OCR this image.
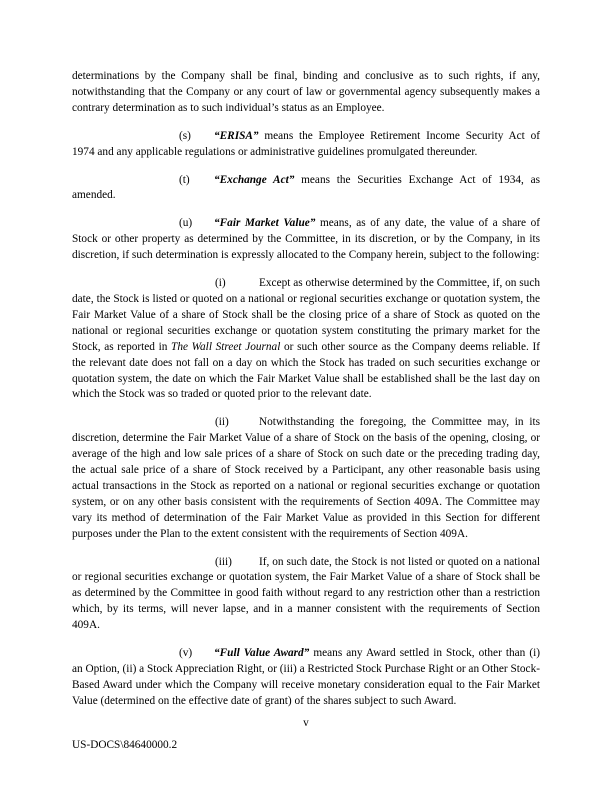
determinations by the Company shall be final, binding and conclusive as to such rights, if any, notwithstanding that the Company or any court of law or governmental agency subsequently makes a contrary determination as to such individual’s status as an Employee.

(s) “ERISA” means the Employee Retirement Income Security Act of 1974 and any applicable regulations or administrative guidelines promulgated thereunder.

(t) “Exchange Act” means the Securities Exchange Act of 1934, as amended.

(u) “Fair Market Value” means, as of any date, the value of a share of Stock or other property as determined by the Committee, in its discretion, or by the Company, in its discretion, if such determination is expressly allocated to the Company herein, subject to the following:

(i)	Except as otherwise determined by the Committee, if, on such date, the Stock is listed or quoted on a national or regional securities exchange or quotation system, the Fair Market Value of a share of Stock shall be the closing price of a share of Stock as quoted on the national or regional securities exchange or quotation system constituting the primary market for the Stock, as reported in The Wall Street Journal or such other source as the Company deems reliable. If the relevant date does not fall on a day on which the Stock has traded on such securities exchange or quotation system, the date on which the Fair Market Value shall be established shall be the last day on which the Stock was so traded or quoted prior to the relevant date.

(ii)	Notwithstanding the foregoing, the Committee may, in its discretion, determine the Fair Market Value of a share of Stock on the basis of the opening, closing, or average of the high and low sale prices of a share of Stock on such date or the preceding trading day, the actual sale price of a share of Stock received by a Participant, any other reasonable basis using actual transactions in the Stock as reported on a national or regional securities exchange or quotation system, or on any other basis consistent with the requirements of Section 409A. The Committee may vary its method of determination of the Fair Market Value as provided in this Section for different purposes under the Plan to the extent consistent with the requirements of Section 409A.

(iii) If, on such date, the Stock is not listed or quoted on a national or regional securities exchange or quotation system, the Fair Market Value of a share of Stock shall be as determined by the Committee in good faith without regard to any restriction other than a restriction which, by its terms, will never lapse, and in a manner consistent with the requirements of Section 409A.

(v) “Full Value Award” means any Award settled in Stock, other than (i) an Option, (ii) a Stock Appreciation Right, or (iii) a Restricted Stock Purchase Right or an Other Stock-Based Award under which the Company will receive monetary consideration equal to the Fair Market Value (determined on the effective date of grant) of the shares subject to such Award.

v
US-DOCS\84640000.2
